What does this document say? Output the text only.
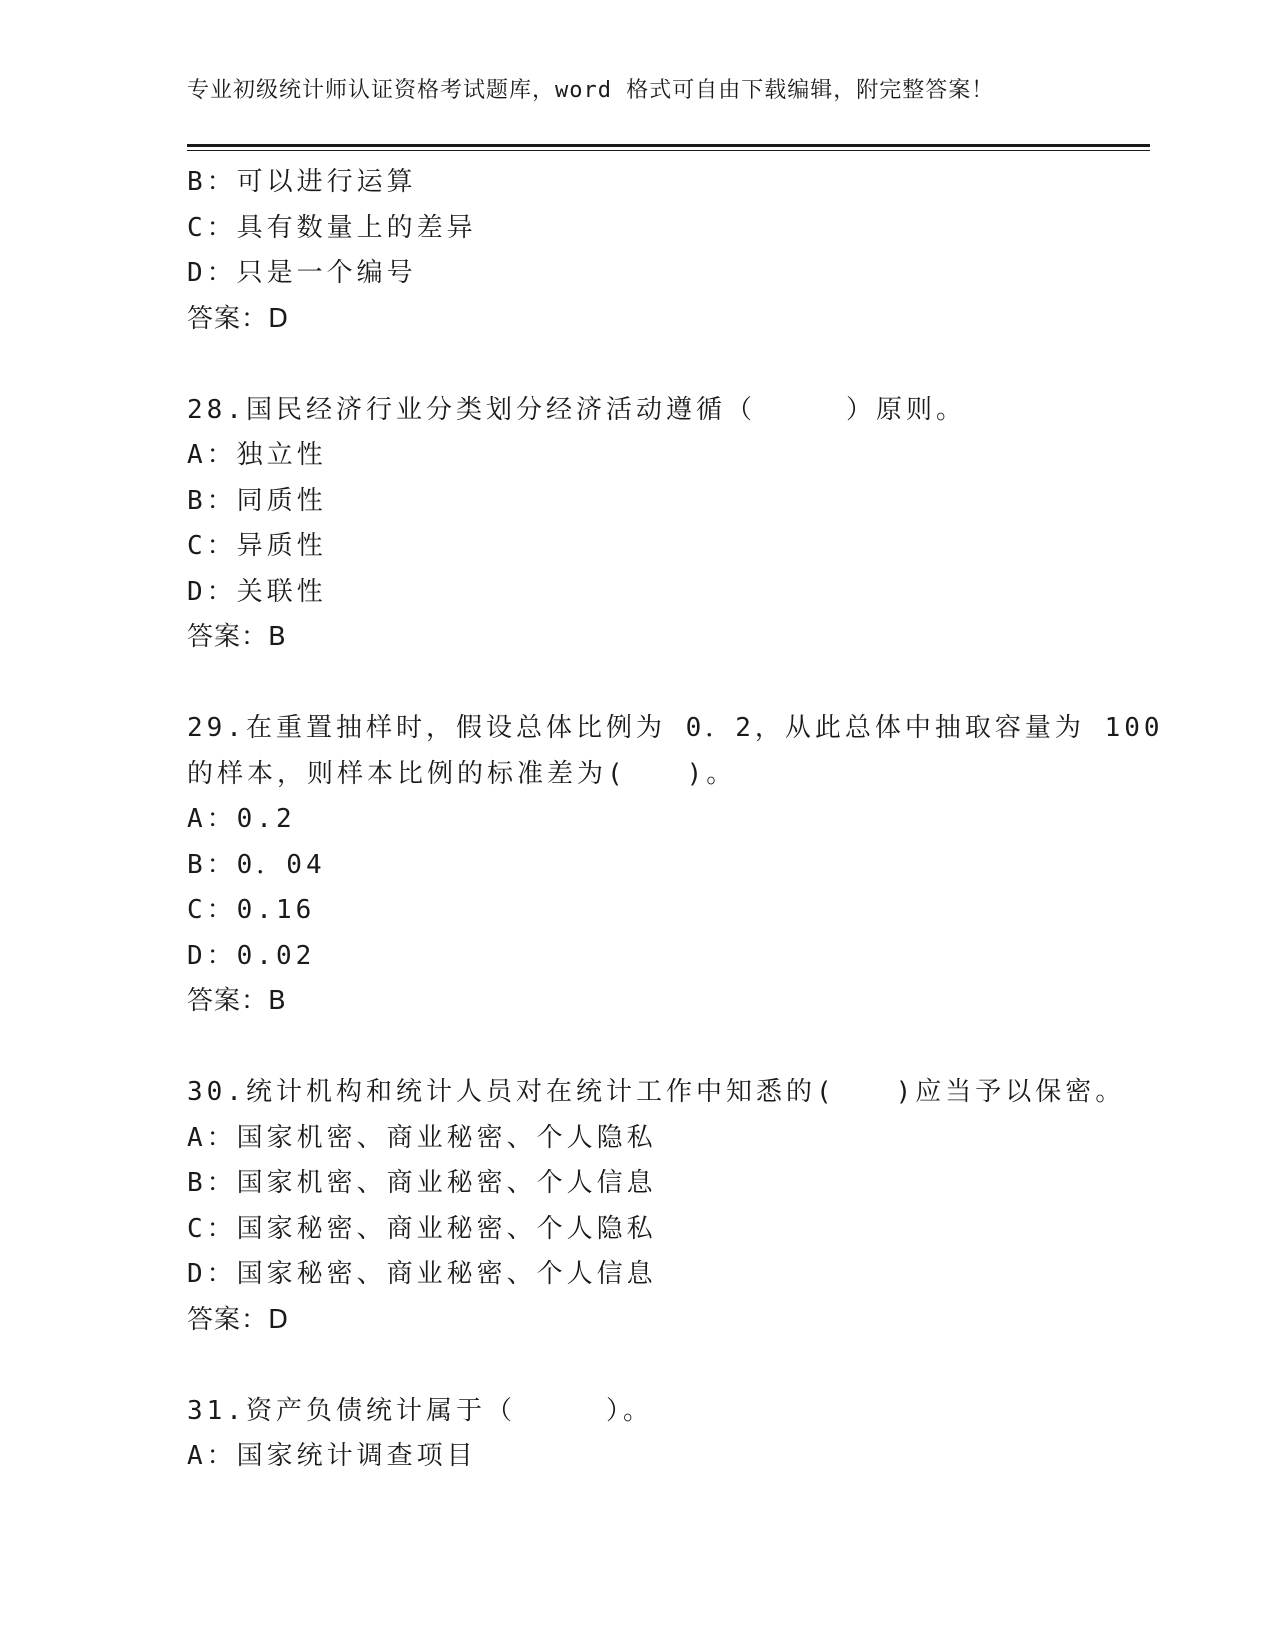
专业初级统计师认证资格考试题库，word 格式可自由下载编辑，附完整答案！
B：可以进行运算
C：具有数量上的差异
D：只是一个编号
答案：D
28.国民经济行业分类划分经济活动遵循（　　　）原则。
A：独立性
B：同质性
C：异质性
D：关联性
答案：B
29.在重置抽样时，假设总体比例为 0．2，从此总体中抽取容量为 100
的样本，则样本比例的标准差为(　　)。
A：0.2
B：0．04
C：0.16
D：0.02
答案：B
30.统计机构和统计人员对在统计工作中知悉的(　　)应当予以保密。
A：国家机密、商业秘密、个人隐私
B：国家机密、商业秘密、个人信息
C：国家秘密、商业秘密、个人隐私
D：国家秘密、商业秘密、个人信息
答案：D
31.资产负债统计属于（　　　）。
A：国家统计调查项目
